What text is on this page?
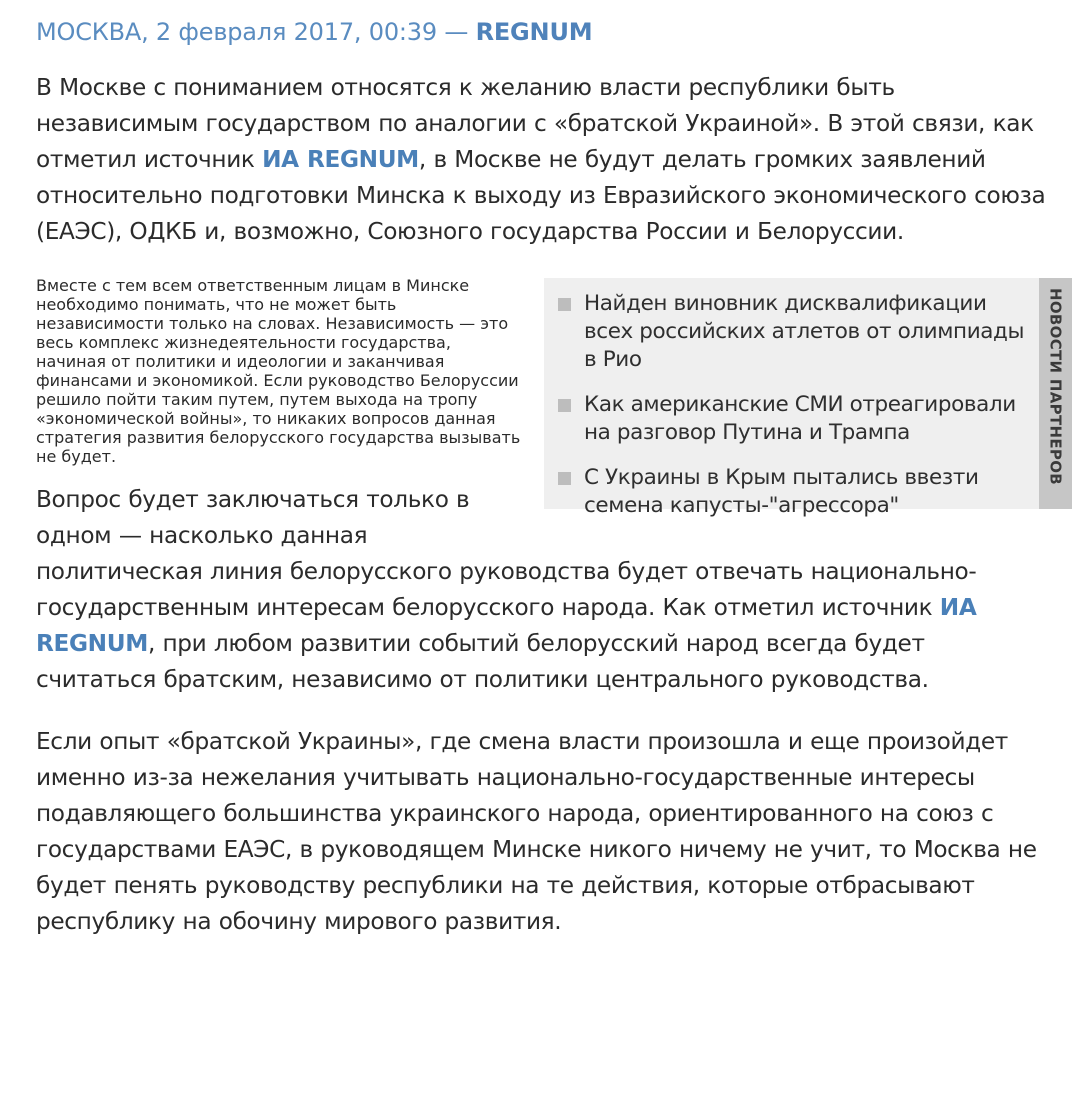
МОСКВА, 2 февраля 2017, 00:39 — REGNUM

В Москве с пониманием относятся к желанию власти республики быть независимым государством по аналогии с «братской Украиной». В этой связи, как отметил источник ИА REGNUM, в Москве не будут делать громких заявлений относительно подготовки Минска к выходу из Евразийского экономического союза (ЕАЭС), ОДКБ и, возможно, Союзного государства России и Белоруссии.

Найден виновник дисквалификации всех российских атлетов от олимпиады в Рио
Как американские СМИ отреагировали на разговор Путина и Трампа
С Украины в Крым пытались ввезти семена капусты-"агрессора"
НОВОСТИ ПАРТНЕРОВ
Вместе с тем всем ответственным лицам в Минске необходимо понимать, что не может быть независимости только на словах. Независимость — это весь комплекс жизнедеятельности государства, начиная от политики и идеологии и заканчивая финансами и экономикой. Если руководство Белоруссии решило пойти таким путем, путем выхода на тропу «экономической войны», то никаких вопросов данная стратегия развития белорусского государства вызывать не будет.

Вопрос будет заключаться только в одном — насколько данная политическая линия белорусского руководства будет отвечать национально-государственным интересам белорусского народа. Как отметил источник ИА REGNUM, при любом развитии событий белорусский народ всегда будет считаться братским, независимо от политики центрального руководства.

Если опыт «братской Украины», где смена власти произошла и еще произойдет именно из-за нежелания учитывать национально-государственные интересы подавляющего большинства украинского народа, ориентированного на союз с государствами ЕАЭС, в руководящем Минске никого ничему не учит, то Москва не будет пенять руководству республики на те действия, которые отбрасывают республику на обочину мирового развития.
